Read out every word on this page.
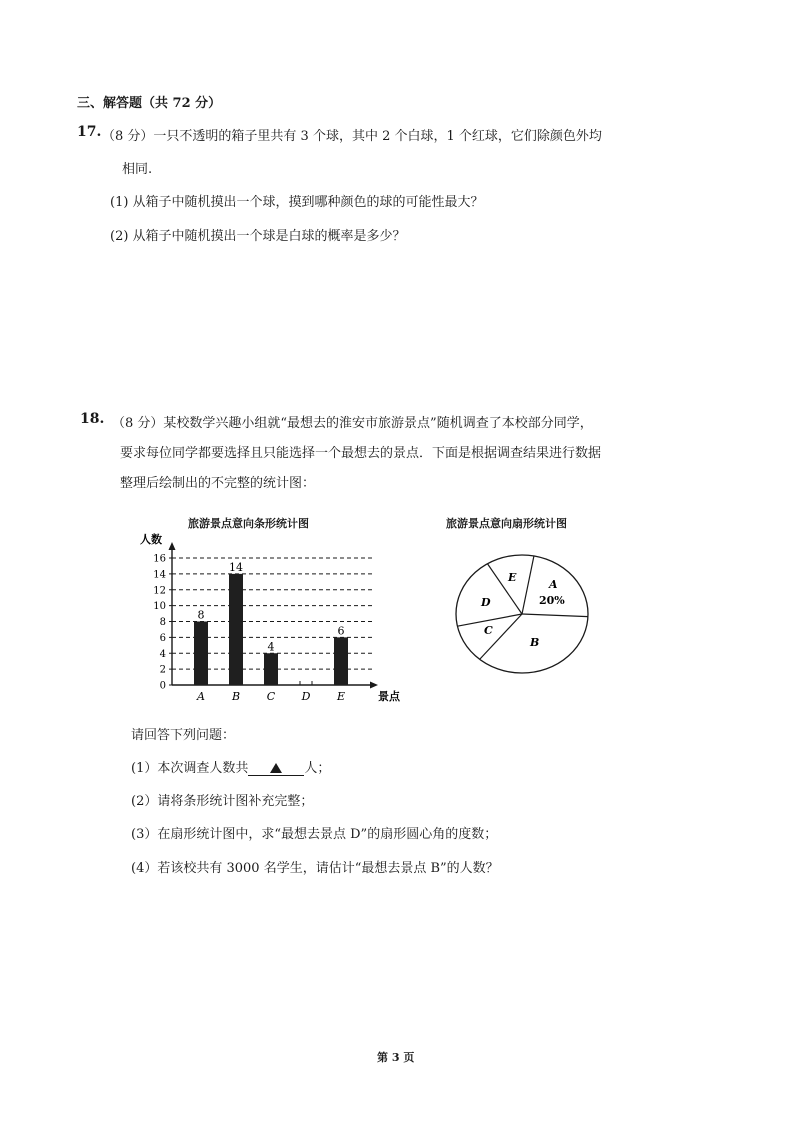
三、解答题（共 72 分）
17. （8 分）一只不透明的箱子里共有 3 个球，其中 2 个白球，1 个红球，它们除颜色外均
相同.
(1) 从箱子中随机摸出一个球，摸到哪种颜色的球的可能性最大？
(2) 从箱子中随机摸出一个球是白球的概率是多少？
18. （8 分）某校数学兴趣小组就“最想去的淮安市旅游景点”随机调查了本校部分同学，
要求每位同学都要选择且只能选择一个最想去的景点．下面是根据调查结果进行数据
整理后绘制出的不完整的统计图：
旅游景点意向条形统计图
人数
0
2
4
6
8
10
12
14
16
8
14
4
6
A B C D E	景点
旅游景点意向扇形统计图
E
A
20%
D
C
B
请回答下列问题：
(1）本次调查人数共	人；
(2）请将条形统计图补充完整；
(3）在扇形统计图中，求“最想去景点 D”的扇形圆心角的度数；
(4）若该校共有 3000 名学生，请估计“最想去景点 B”的人数？
第 3 页
